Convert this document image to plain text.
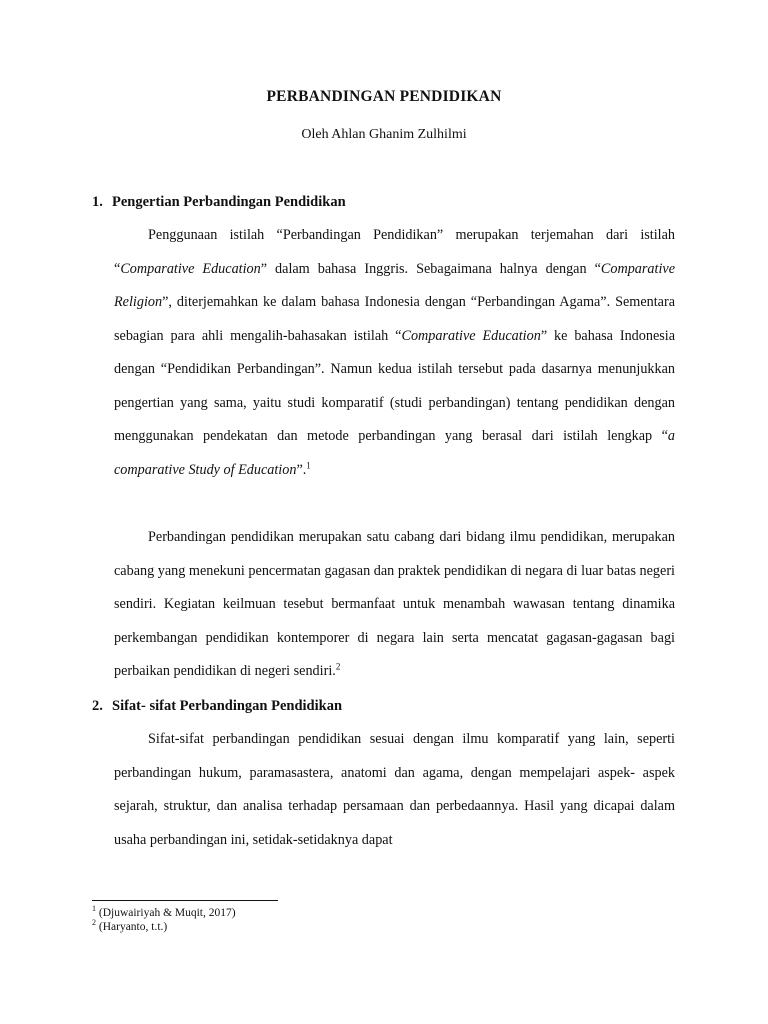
PERBANDINGAN PENDIDIKAN
Oleh Ahlan Ghanim Zulhilmi
1. Pengertian Perbandingan Pendidikan

Penggunaan istilah “Perbandingan Pendidikan” merupakan terjemahan dari istilah “Comparative Education” dalam bahasa Inggris. Sebagaimana halnya dengan “Comparative Religion”, diterjemahkan ke dalam bahasa Indonesia dengan “Perbandingan Agama”. Sementara sebagian para ahli mengalih-bahasakan istilah “Comparative Education” ke bahasa Indonesia dengan “Pendidikan Perbandingan”. Namun kedua istilah tersebut pada dasarnya menunjukkan pengertian yang sama, yaitu studi komparatif (studi perbandingan) tentang pendidikan dengan menggunakan pendekatan dan metode perbandingan yang berasal dari istilah lengkap “a comparative Study of Education”.$^1$

Perbandingan pendidikan merupakan satu cabang dari bidang ilmu pendidikan, merupakan cabang yang menekuni pencermatan gagasan dan praktek pendidikan di negara di luar batas negeri sendiri. Kegiatan keilmuan tesebut bermanfaat untuk menambah wawasan tentang dinamika perkembangan pendidikan kontemporer di negara lain serta mencatat gagasan-gagasan bagi perbaikan pendidikan di negeri sendiri.$^2$

2. Sifat- sifat Perbandingan Pendidikan

Sifat-sifat perbandingan pendidikan sesuai dengan ilmu komparatif yang lain, seperti perbandingan hukum, paramasastera, anatomi dan agama, dengan mempelajari aspek- aspek sejarah, struktur, dan analisa terhadap persamaan dan perbedaannya. Hasil yang dicapai dalam usaha perbandingan ini, setidak-setidaknya dapat

$^1$ (Djuwairiyah & Muqit, 2017)
$^2$ (Haryanto, t.t.)
